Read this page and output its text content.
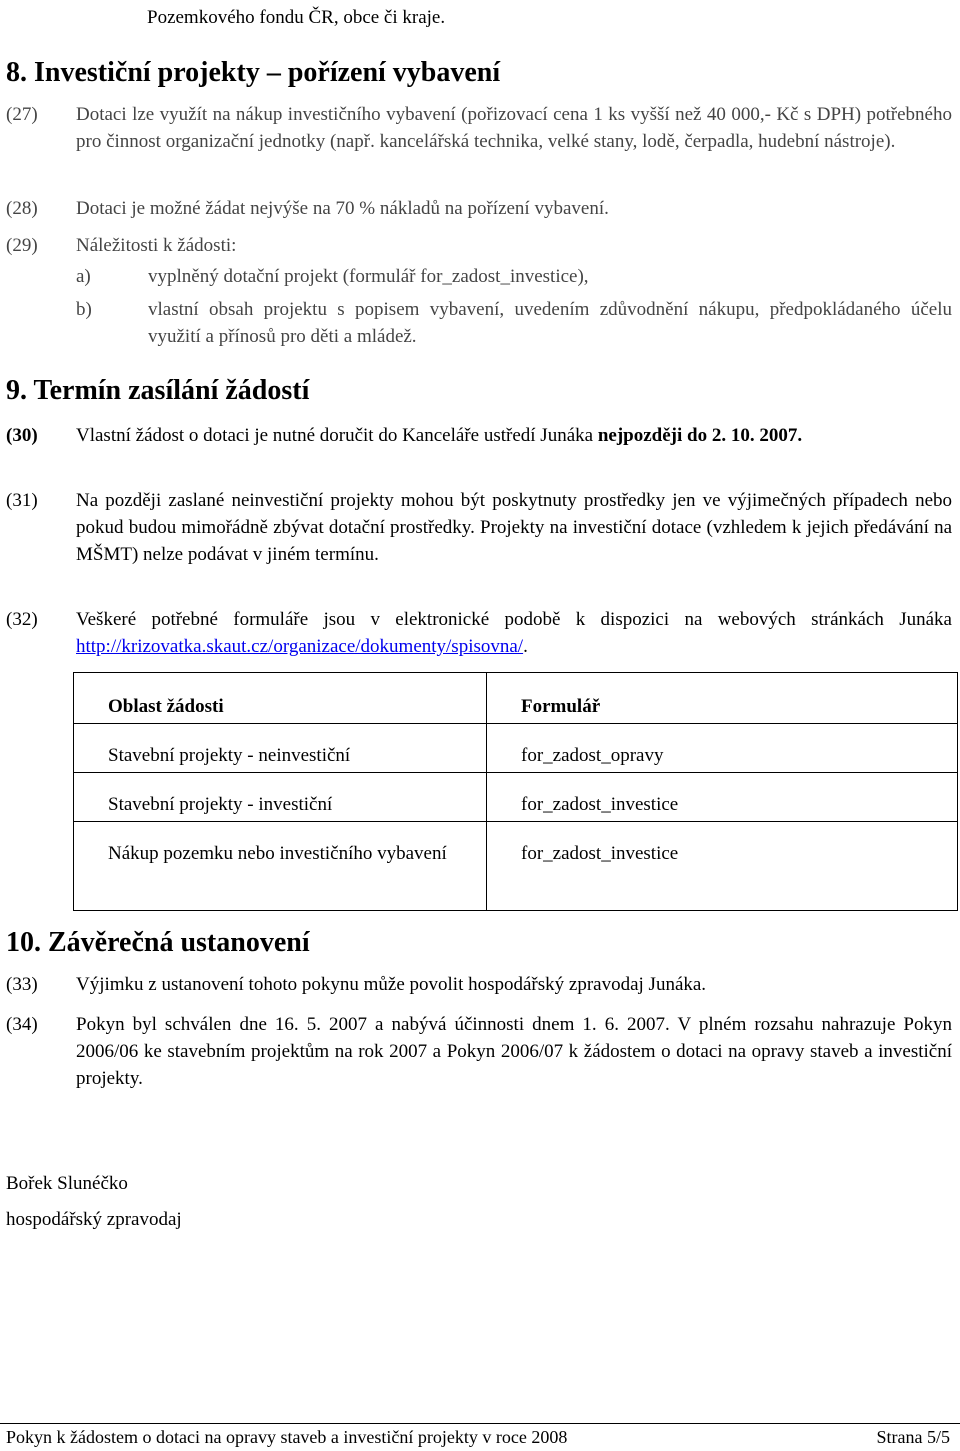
Pozemkového fondu ČR, obce či kraje.
8. Investiční projekty – pořízení vybavení
(27) Dotaci lze využít na nákup investičního vybavení (pořizovací cena 1 ks vyšší než 40 000,- Kč s DPH) potřebného pro činnost organizační jednotky (např. kancelářská technika, velké stany, lodě, čerpadla, hudební nástroje).
(28) Dotaci je možné žádat nejvýše na 70 % nákladů na pořízení vybavení.
(29) Náležitosti k žádosti:
a)	vyplněný dotační projekt (formulář for_zadost_investice),
b)	vlastní obsah projektu s popisem vybavení, uvedením zdůvodnění nákupu, předpokládaného účelu využití a přínosů pro děti a mládež.
9. Termín zasílání žádostí
(30) Vlastní žádost o dotaci je nutné doručit do Kanceláře ustředí Junáka nejpozději do 2. 10. 2007.
(31) Na později zaslané neinvestiční projekty mohou být poskytnuty prostředky jen ve výjimečných případech nebo pokud budou mimořádně zbývat dotační prostředky. Projekty na investiční dotace (vzhledem k jejich předávání na MŠMT) nelze podávat v jiném termínu.
(32) Veškeré potřebné formuláře jsou v elektronické podobě k dispozici na webových stránkách Junáka http://krizovatka.skaut.cz/organizace/dokumenty/spisovna/.
Oblast žádosti	Formulář
Stavební projekty - neinvestiční	for_zadost_opravy
Stavební projekty - investiční	for_zadost_investice
Nákup pozemku nebo investičního vybavení	for_zadost_investice
10. Závěrečná ustanovení
(33) Výjimku z ustanovení tohoto pokynu může povolit hospodářský zpravodaj Junáka.
(34) Pokyn byl schválen dne 16. 5. 2007 a nabývá účinnosti dnem 1. 6. 2007. V plném rozsahu nahrazuje Pokyn 2006/06 ke stavebním projektům na rok 2007 a Pokyn 2006/07 k žádostem o dotaci na opravy staveb a investiční projekty.
Bořek Slunéčko
hospodářský zpravodaj
Pokyn k žádostem o dotaci na opravy staveb a investiční projekty v roce 2008	Strana 5/5
